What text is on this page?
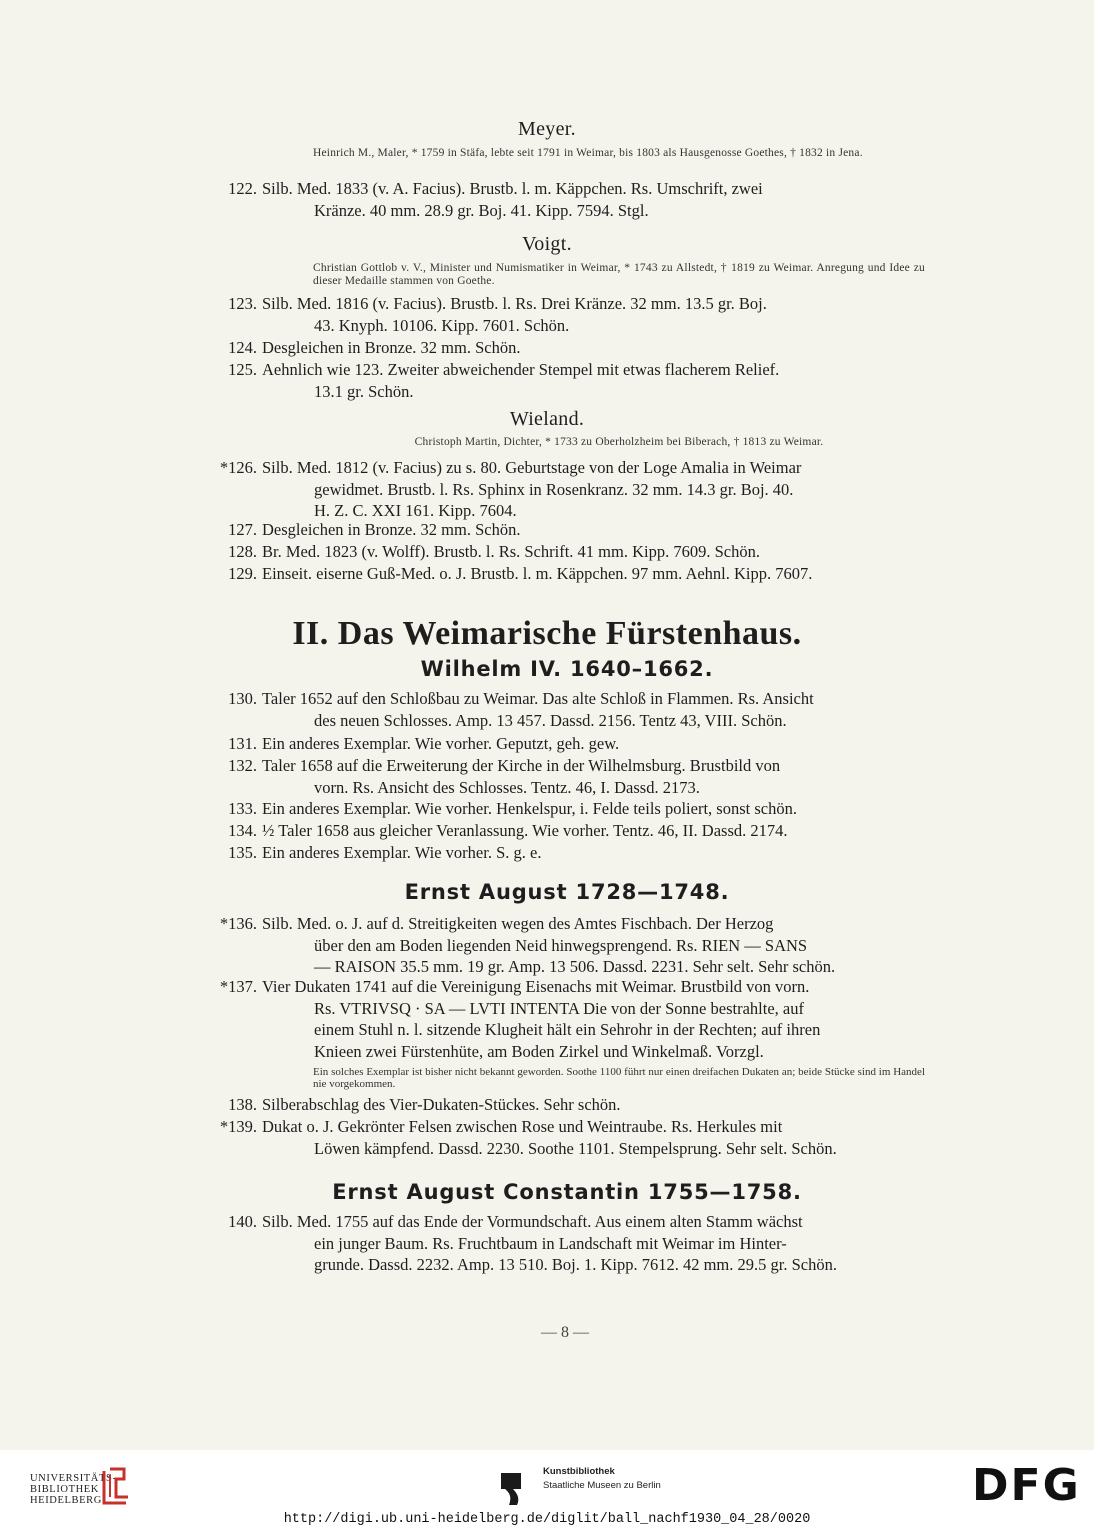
Meyer.
Heinrich M., Maler, * 1759 in Stäfa, lebte seit 1791 in Weimar, bis 1803 als Hausgenosse Goethes, † 1832 in Jena.
122. Silb. Med. 1833 (v. A. Facius). Brustb. l. m. Käppchen. Rs. Umschrift, zwei
Kränze. 40 mm. 28.9 gr. Boj. 41. Kipp. 7594. Stgl.
Voigt.
Christian Gottlob v. V., Minister und Numismatiker in Weimar, * 1743 zu Allstedt, † 1819 zu Weimar. Anregung und Idee zu dieser Medaille stammen von Goethe.
123. Silb. Med. 1816 (v. Facius). Brustb. l. Rs. Drei Kränze. 32 mm. 13.5 gr. Boj.
43. Knyph. 10106. Kipp. 7601. Schön.
124. Desgleichen in Bronze. 32 mm. Schön.
125. Aehnlich wie 123. Zweiter abweichender Stempel mit etwas flacherem Relief.
13.1 gr. Schön.
Wieland.
Christoph Martin, Dichter, * 1733 zu Oberholzheim bei Biberach, † 1813 zu Weimar.
*126. Silb. Med. 1812 (v. Facius) zu s. 80. Geburtstage von der Loge Amalia in Weimar
gewidmet. Brustb. l. Rs. Sphinx in Rosenkranz. 32 mm. 14.3 gr. Boj. 40.
H. Z. C. XXI 161. Kipp. 7604.
127. Desgleichen in Bronze. 32 mm. Schön.
128. Br. Med. 1823 (v. Wolff). Brustb. l. Rs. Schrift. 41 mm. Kipp. 7609. Schön.
129. Einseit. eiserne Guß-Med. o. J. Brustb. l. m. Käppchen. 97 mm. Aehnl. Kipp. 7607.
II. Das Weimarische Fürstenhaus.
Wilhelm IV. 1640–1662.
130. Taler 1652 auf den Schloßbau zu Weimar. Das alte Schloß in Flammen. Rs. Ansicht
des neuen Schlosses. Amp. 13 457. Dassd. 2156. Tentz 43, VIII. Schön.
131. Ein anderes Exemplar. Wie vorher. Geputzt, geh. gew.
132. Taler 1658 auf die Erweiterung der Kirche in der Wilhelmsburg. Brustbild von
vorn. Rs. Ansicht des Schlosses. Tentz. 46, I. Dassd. 2173.
133. Ein anderes Exemplar. Wie vorher. Henkelspur, i. Felde teils poliert, sonst schön.
134. ½ Taler 1658 aus gleicher Veranlassung. Wie vorher. Tentz. 46, II. Dassd. 2174.
135. Ein anderes Exemplar. Wie vorher. S. g. e.
Ernst August 1728—1748.
*136. Silb. Med. o. J. auf d. Streitigkeiten wegen des Amtes Fischbach. Der Herzog
über den am Boden liegenden Neid hinwegsprengend. Rs. RIEN — SANS
— RAISON 35.5 mm. 19 gr. Amp. 13 506. Dassd. 2231. Sehr selt. Sehr schön.
*137. Vier Dukaten 1741 auf die Vereinigung Eisenachs mit Weimar. Brustbild von vorn.
Rs. VTRIVSQ · SA — LVTI INTENTA Die von der Sonne bestrahlte, auf
einem Stuhl n. l. sitzende Klugheit hält ein Sehrohr in der Rechten; auf ihren
Knieen zwei Fürstenhüte, am Boden Zirkel und Winkelmaß. Vorzgl.
Ein solches Exemplar ist bisher nicht bekannt geworden. Soothe 1100 führt nur einen dreifachen Dukaten an; beide Stücke sind im Handel nie vorgekommen.
138. Silberabschlag des Vier-Dukaten-Stückes. Sehr schön.
*139. Dukat o. J. Gekrönter Felsen zwischen Rose und Weintraube. Rs. Herkules mit
Löwen kämpfend. Dassd. 2230. Soothe 1101. Stempelsprung. Sehr selt. Schön.
Ernst August Constantin 1755—1758.
140. Silb. Med. 1755 auf das Ende der Vormundschaft. Aus einem alten Stamm wächst
ein junger Baum. Rs. Fruchtbaum in Landschaft mit Weimar im Hinter-
grunde. Dassd. 2232. Amp. 13 510. Boj. 1. Kipp. 7612. 42 mm. 29.5 gr. Schön.
— 8 —
UNIVERSITÄTS-
BIBLIOTHEK
HEIDELBERG
Kunstbibliothek
Staatliche Museen zu Berlin	DFG
http://digi.ub.uni-heidelberg.de/diglit/ball_nachf1930_04_28/0020
